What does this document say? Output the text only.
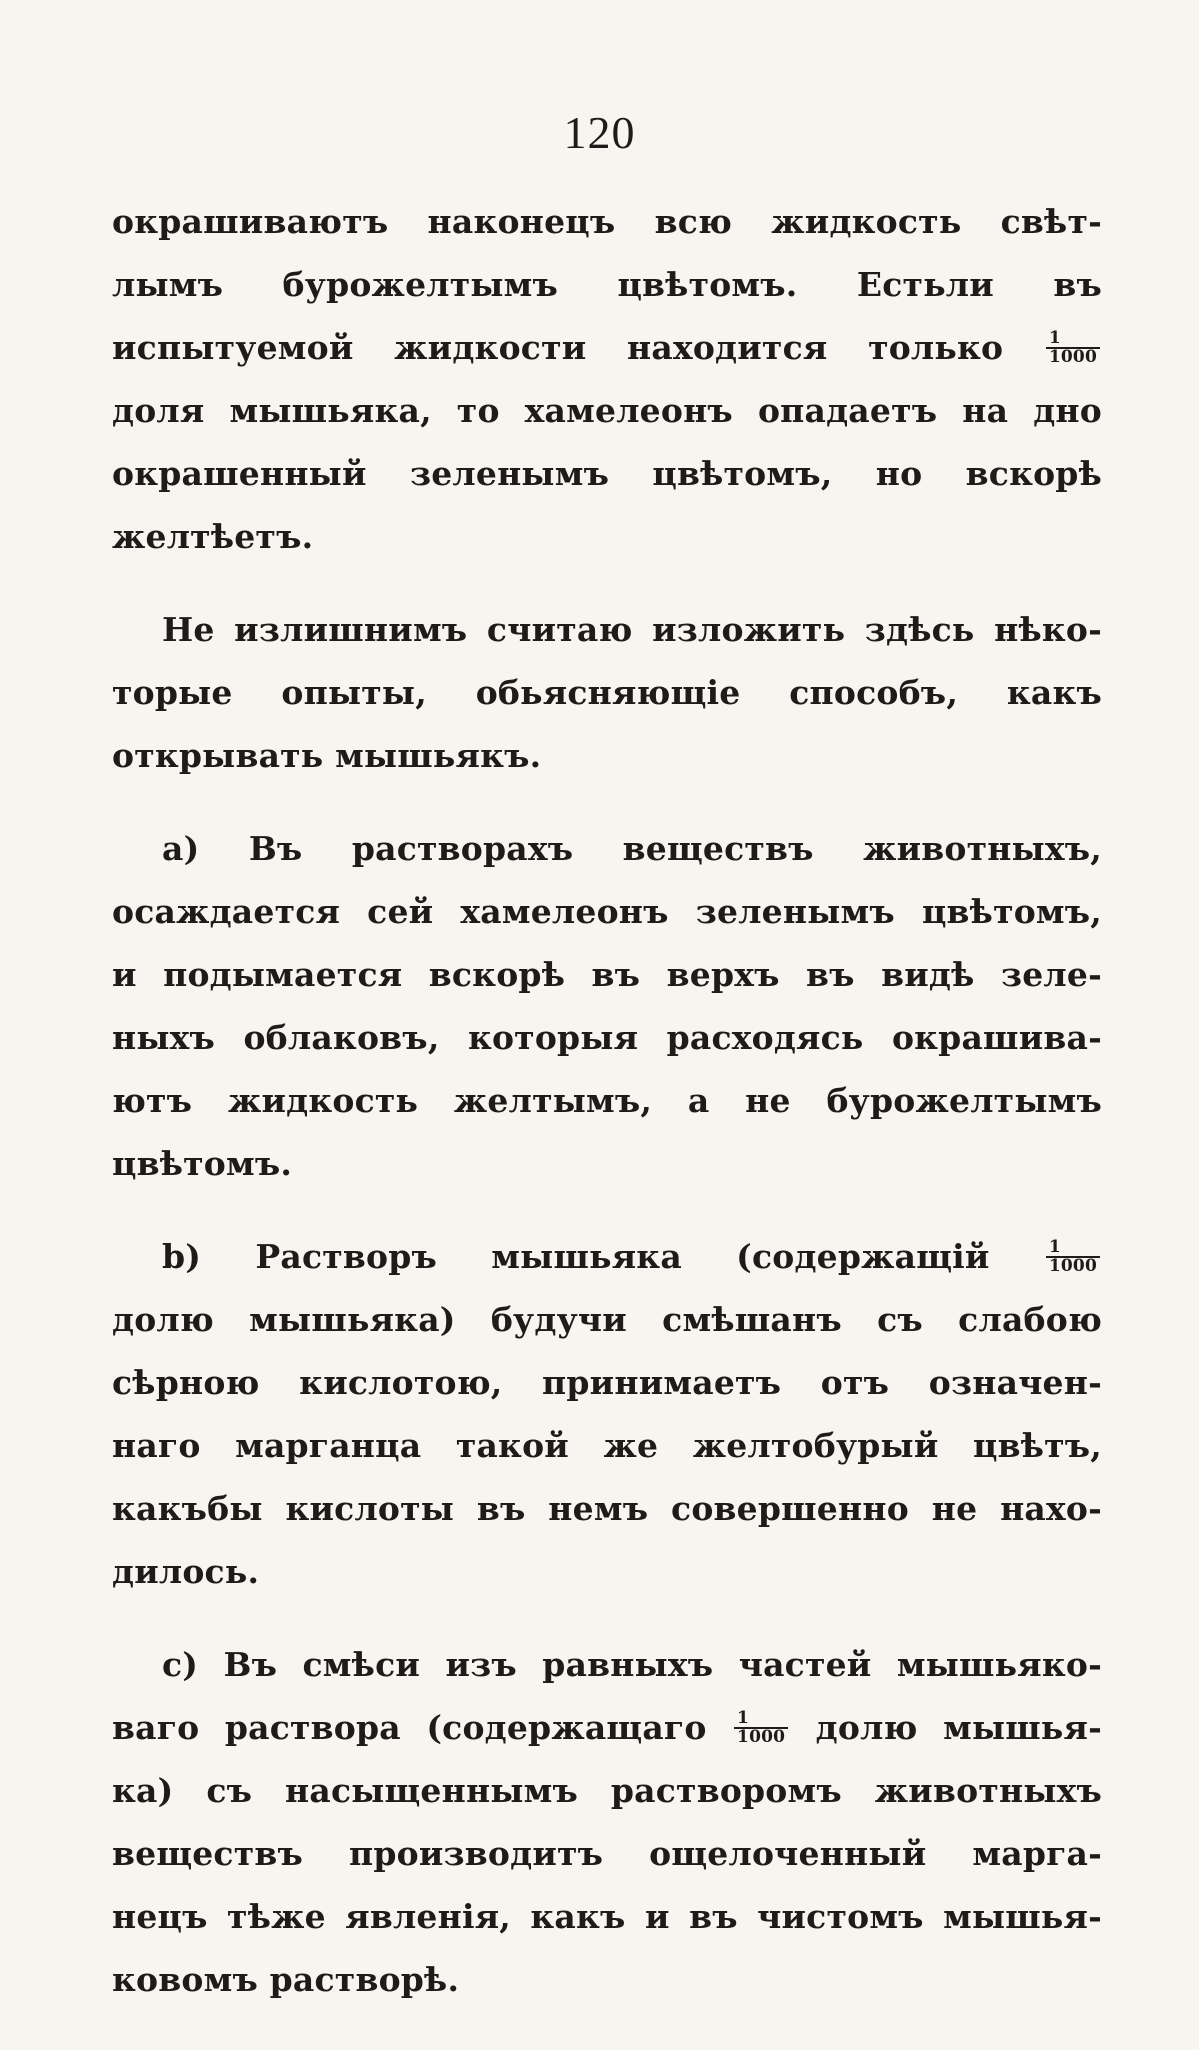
120
окрашиваютъ наконецъ всю жидкость свѣт-
лымъ бурожелтымъ цвѣтомъ. Естьли въ
испытуемой жидкости находится только	$\frac{1}{1000}$
доля мышьяка, то хамелеонъ опадаетъ на дно
окрашенный зеленымъ цвѣтомъ, но вскорѣ
желтѣетъ.
Не излишнимъ считаю изложить здѣсь нѣко-
торые опыты, обьясняющiе способъ, какъ
открывать мышьякъ.
a) Въ растворахъ веществъ животныхъ,
осаждается сей хамелеонъ зеленымъ цвѣтомъ,
и подымается вскорѣ въ верхъ въ видѣ зеле-
ныхъ облаковъ, которыя расходясь окрашива-
ютъ жидкость желтымъ, а не бурожелтымъ
цвѣтомъ.
b) Растворъ мышьяка (содержащiй	$\frac{1}{1000}$
долю мышьяка) будучи смѣшанъ съ слабою
сѣрною кислотою, принимаетъ отъ означен-
наго марганца такой же желтобурый цвѣтъ,
какъбы кислоты въ немъ совершенно не нахо-
дилось.
c) Въ смѣси изъ равныхъ частей мышьяко-
ваго раствора (содержащаго $\frac{1}{1000}$ долю мышья-
ка) съ насыщеннымъ растворомъ животныхъ
веществъ производитъ ощелоченный марга-
нецъ тѣже явленiя, какъ и въ чистомъ мышья-
ковомъ растворѣ.
